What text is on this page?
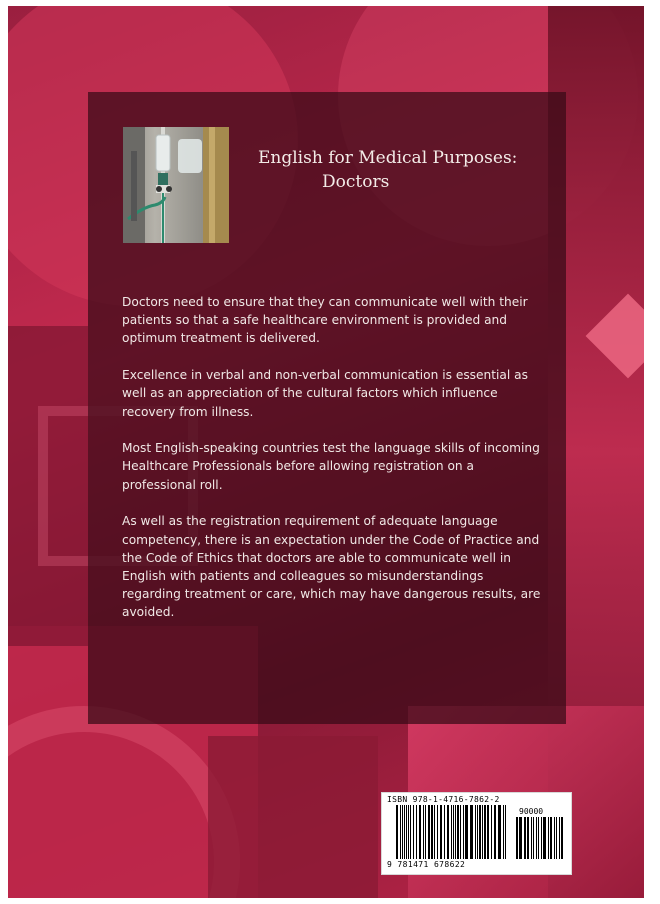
English for Medical Purposes:

Doctors

Doctors need to ensure that they can communicate well with their patients so that a safe healthcare environment is provided and optimum treatment is delivered.

Excellence in verbal and non-verbal communication is essential as well as an appreciation of the cultural factors which influence recovery from illness.

Most English-speaking countries test the language skills of incoming Healthcare Professionals before allowing registration on a professional roll.

As well as the registration requirement of adequate language competency, there is an expectation under the Code of Practice and the Code of Ethics that doctors are able to communicate well in English with patients and colleagues so misunderstandings regarding treatment or care, which may have dangerous results, are avoided.

ISBN 978-1-4716-7862-2
90000
9 781471 678622
